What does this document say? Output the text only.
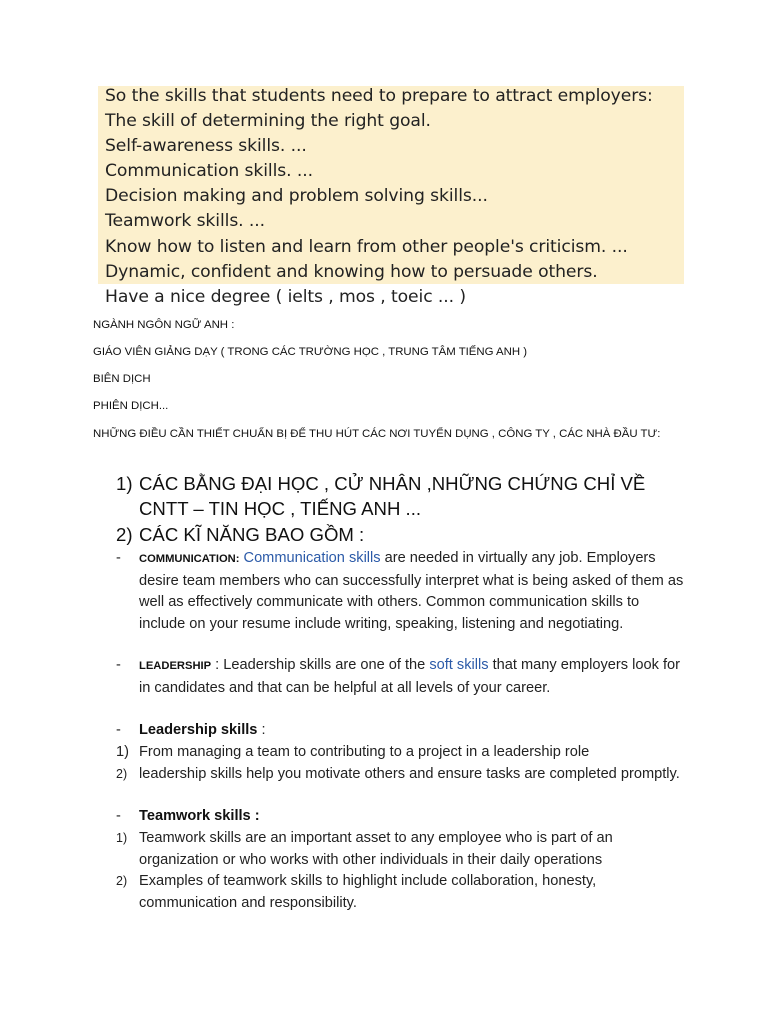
So the skills that students need to prepare to attract employers:
The skill of determining the right goal.
Self-awareness skills. ...
Communication skills. ...
Decision making and problem solving skills...
Teamwork skills. ...
Know how to listen and learn from other people's criticism. ...
Dynamic, confident and knowing how to persuade others.
Have a nice degree ( ielts , mos , toeic ... )
NGÀNH NGÔN NGỮ ANH :
GIÁO VIÊN GIẢNG DẠY ( TRONG CÁC TRƯỜNG HỌC , TRUNG TÂM TIẾNG ANH )
BIÊN DỊCH
PHIÊN DỊCH...
NHỮNG ĐIỀU CẦN THIẾT CHUẨN BỊ ĐỂ THU HÚT CÁC NƠI TUYỂN DỤNG , CÔNG TY , CÁC NHÀ ĐẦU TƯ:
1) CÁC BẰNG ĐẠI HỌC , CỬ NHÂN ,NHỮNG CHỨNG CHỈ VỀ CNTT – TIN HỌC , TIẾNG ANH ...
2) CÁC KĨ NĂNG BAO GỒM :
- COMMUNICATION: Communication skills are needed in virtually any job. Employers desire team members who can successfully interpret what is being asked of them as well as effectively communicate with others. Common communication skills to include on your resume include writing, speaking, listening and negotiating.
- LEADERSHIP : Leadership skills are one of the soft skills that many employers look for in candidates and that can be helpful at all levels of your career.
- Leadership skills :
1) From managing a team to contributing to a project in a leadership role
2) leadership skills help you motivate others and ensure tasks are completed promptly.
- Teamwork skills :
1) Teamwork skills are an important asset to any employee who is part of an organization or who works with other individuals in their daily operations
2) Examples of teamwork skills to highlight include collaboration, honesty, communication and responsibility.
